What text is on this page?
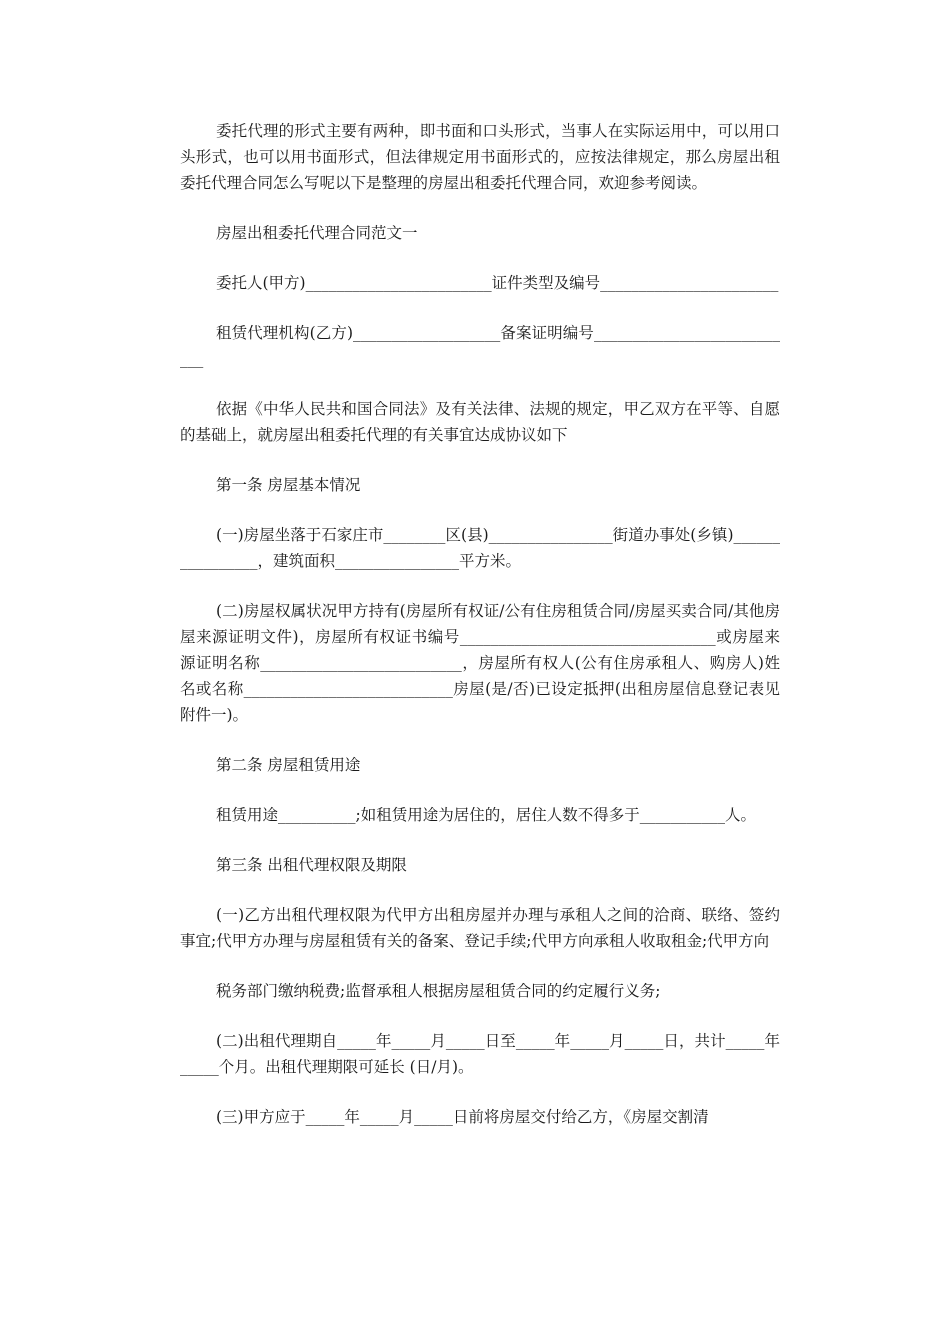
委托代理的形式主要有两种，即书面和口头形式，当事人在实际运用中，可以用口头形式，也可以用书面形式，但法律规定用书面形式的，应按法律规定，那么房屋出租委托代理合同怎么写呢以下是整理的房屋出租委托代理合同，欢迎参考阅读。

房屋出租委托代理合同范文一

委托人(甲方)________________________证件类型及编号_______________________

租赁代理机构(乙方)___________________备案证明编号___________________________

依据《中华人民共和国合同法》及有关法律、法规的规定，甲乙双方在平等、自愿的基础上，就房屋出租委托代理的有关事宜达成协议如下

第一条 房屋基本情况

(一)房屋坐落于石家庄市________区(县)________________街道办事处(乡镇)________________，建筑面积________________平方米。

(二)房屋权属状况甲方持有(房屋所有权证/公有住房租赁合同/房屋买卖合同/其他房屋来源证明文件)，房屋所有权证书编号_________________________________或房屋来源证明名称__________________________，房屋所有权人(公有住房承租人、购房人)姓名或名称___________________________房屋(是/否)已设定抵押(出租房屋信息登记表见附件一)。

第二条 房屋租赁用途

租赁用途__________;如租赁用途为居住的，居住人数不得多于___________人。

第三条 出租代理权限及期限

(一)乙方出租代理权限为代甲方出租房屋并办理与承租人之间的洽商、联络、签约事宜;代甲方办理与房屋租赁有关的备案、登记手续;代甲方向承租人收取租金;代甲方向

税务部门缴纳税费;监督承租人根据房屋租赁合同的约定履行义务;

(二)出租代理期自_____年_____月_____日至_____年_____月_____日，共计_____年_____个月。出租代理期限可延长 (日/月)。

(三)甲方应于_____年_____月_____日前将房屋交付给乙方，《房屋交割清
